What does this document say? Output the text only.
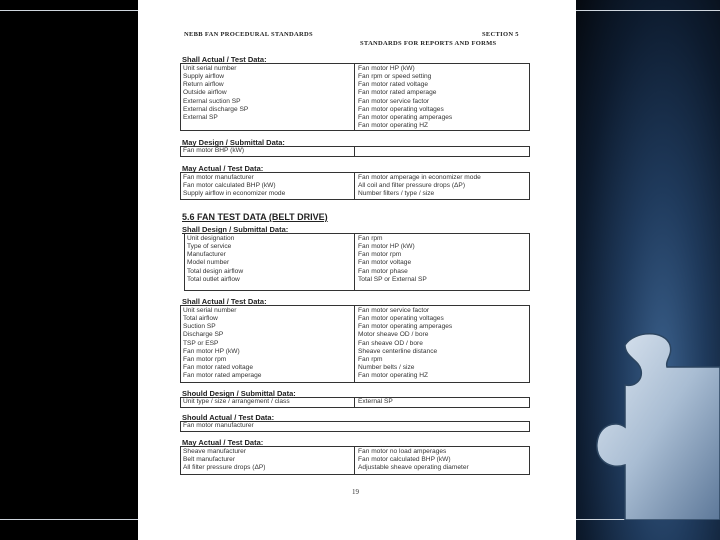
NEBB FAN PROCEDURAL STANDARDS	SECTION 5
STANDARDS FOR REPORTS AND FORMS
Shall Actual / Test Data:
Unit serial number
Supply airflow
Return airflow
Outside airflow
External suction SP
External discharge SP
External SP
Fan motor HP (kW)
Fan rpm or speed setting
Fan motor rated voltage
Fan motor rated amperage
Fan motor service factor
Fan motor operating voltages
Fan motor operating amperages
Fan motor operating HZ
May Design / Submittal Data:
Fan motor BHP (kW)
May Actual / Test Data:
Fan motor manufacturer
Fan motor calculated BHP (kW)
Supply airflow in economizer mode
Fan motor amperage in economizer mode
All coil and filter pressure drops (ΔP)
Number filters / type / size
5.6 FAN TEST DATA (BELT DRIVE)
Shall Design / Submittal Data:
Unit designation
Type of service
Manufacturer
Model number
Total design airflow
Total outlet airflow
Fan rpm
Fan motor HP (kW)
Fan motor rpm
Fan motor voltage
Fan motor phase
Total SP or External SP
Shall Actual / Test Data:
Unit serial number
Total airflow
Suction SP
Discharge SP
TSP or ESP
Fan motor HP (kW)
Fan motor rpm
Fan motor rated voltage
Fan motor rated amperage
Fan motor service factor
Fan motor operating voltages
Fan motor operating amperages
Motor sheave OD / bore
Fan sheave OD / bore
Sheave centerline distance
Fan rpm
Number belts / size
Fan motor operating HZ
Should Design / Submittal Data:
Unit type / size / arrangement / class	External SP
Should Actual / Test Data:
Fan motor manufacturer
May Actual / Test Data:
Sheave manufacturer
Belt manufacturer
All filter pressure drops (ΔP)
Fan motor no load amperages
Fan motor calculated BHP (kW)
Adjustable sheave operating diameter
19
